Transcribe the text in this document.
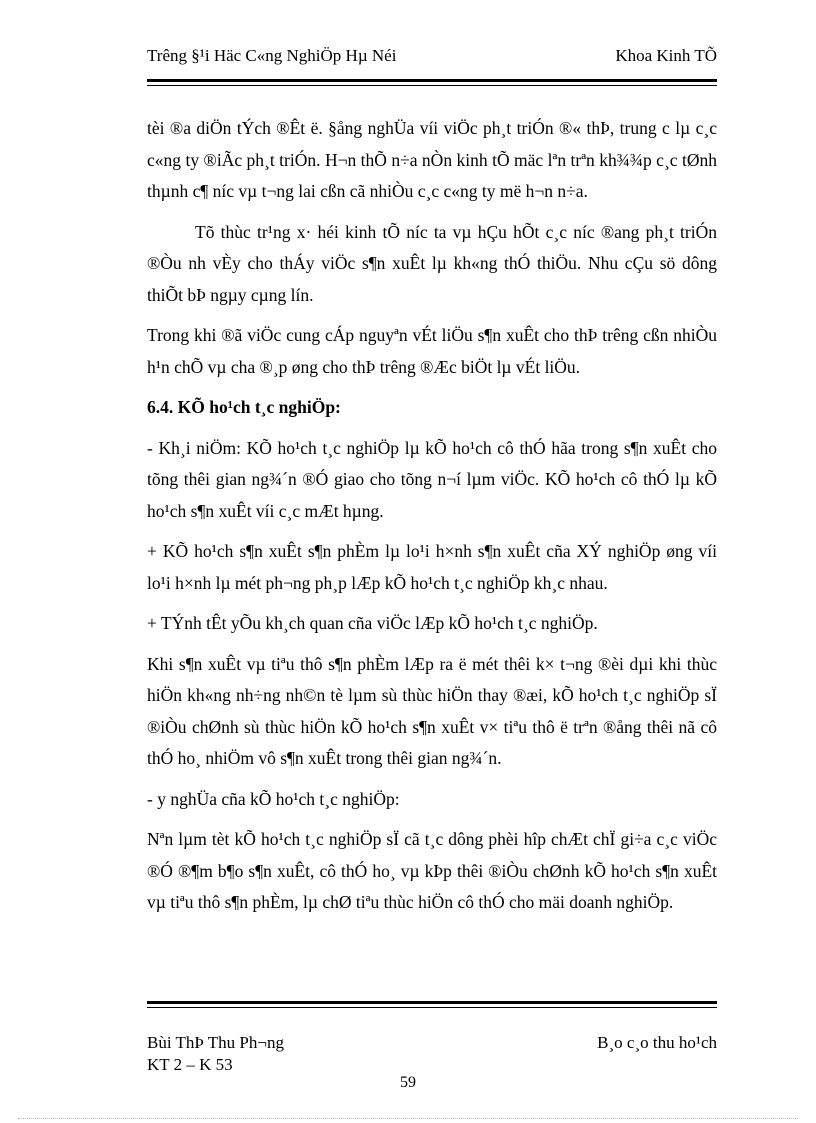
Trêng §¹i Häc C«ng NghiÖp Hµ Néi	Khoa Kinh TÕ

tèi ®a diÖn tÝch ®Êt ë. §ång nghÜa víi viÖc ph¸t triÓn ®« thÞ, trung c lµ c¸c c«ng ty ®iÃc ph¸t triÓn. H¬n thÕ n÷a nÒn kinh tÕ mäc lªn trªn kh¾¾p c¸c tØnh thµnh c¶ níc vµ t¬ng lai cßn cã nhiÒu c¸c c«ng ty më h¬n n÷a.

Tõ thùc tr¹ng x· héi kinh tÕ níc ta vµ hÇu hÕt c¸c níc ®ang ph¸t triÓn ®Òu nh vÈy cho thÁy viÖc s¶n xuÊt lµ kh«ng thÓ thiÖu. Nhu cÇu sö dông thiÕt bÞ ngµy cµng lín.

Trong khi ®ã viÖc cung cÁp nguyªn vÉt liÖu s¶n xuÊt cho thÞ trêng cßn nhiÒu h¹n chÕ vµ cha ®¸p øng cho thÞ trêng ®Æc biÖt lµ vÉt liÖu.

6.4. KÕ ho¹ch t¸c nghiÖp:

- Kh¸i niÖm: KÕ ho¹ch t¸c nghiÖp lµ kÕ ho¹ch cô thÓ hãa trong s¶n xuÊt cho tõng thêi gian ng¾´n ®Ó giao cho tõng n¬í lµm viÖc. KÕ ho¹ch cô thÓ lµ kÕ ho¹ch s¶n xuÊt víi c¸c mÆt hµng.

+ KÕ ho¹ch s¶n xuÊt s¶n phÈm lµ lo¹i h×nh s¶n xuÊt cña XÝ nghiÖp øng víi lo¹i h×nh lµ mét ph¬ng ph¸p lÆp kÕ ho¹ch t¸c nghiÖp kh¸c nhau.

+ TÝnh tÊt yÕu kh¸ch quan cña viÖc lÆp kÕ ho¹ch t¸c nghiÖp.

Khi s¶n xuÊt vµ tiªu thô s¶n phÈm lÆp ra ë mét thêi k× t¬ng ®èi dµi khi thùc hiÖn kh«ng nh÷ng nh©n tè lµm sù thùc hiÖn thay ®æi, kÕ ho¹ch t¸c nghiÖp sÏ ®iÒu chØnh sù thùc hiÖn kÕ ho¹ch s¶n xuÊt v× tiªu thô ë trªn ®ång thêi nã cô thÓ ho¸ nhiÖm vô s¶n xuÊt trong thêi gian ng¾´n.

- y nghÜa cña kÕ ho¹ch t¸c nghiÖp:

Nªn lµm tèt kÕ ho¹ch t¸c nghiÖp sÏ cã t¸c dông phèi hîp chÆt chÏ gi÷a c¸c viÖc ®Ó ®¶m b¶o s¶n xuÊt, cô thÓ ho¸ vµ kÞp thêi ®iÒu chØnh kÕ ho¹ch s¶n xuÊt vµ tiªu thô s¶n phÈm, lµ chØ tiªu thùc hiÖn cô thÓ cho mäi doanh nghiÖp.

Bùi ThÞ Thu Ph¬ng
KT 2 – K 53
B¸o c¸o thu ho¹ch
59
